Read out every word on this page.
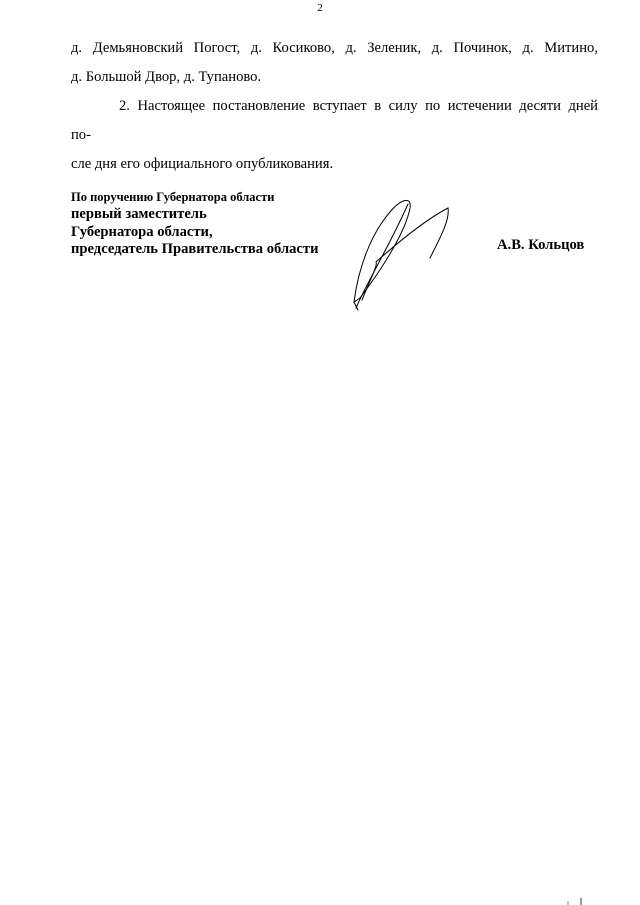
2

д. Демьяновский Погост, д. Косиково, д. Зеленик, д. Починок, д. Митино,

д. Большой Двор, д. Тупаново.

2. Настоящее постановление вступает в силу по истечении десяти дней по-

сле дня его официального опубликования.

По поручению Губернатора области
первый заместитель
Губернатора области,
председатель Правительства области	А.В. Кольцов
